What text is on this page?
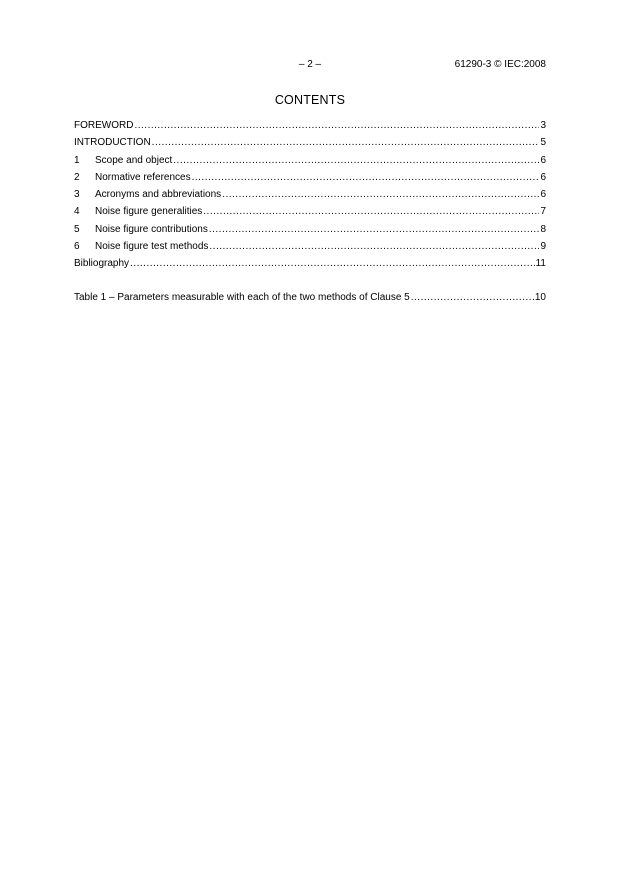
– 2 –	61290-3 © IEC:2008
CONTENTS
FOREWORD .....	3
INTRODUCTION .....	5
1	Scope and object .....	6
2	Normative references .....	6
3	Acronyms and abbreviations .....	6
4	Noise figure generalities .....	7
5	Noise figure contributions .....	8
6	Noise figure test methods .....	9
Bibliography .....	11
Table 1 – Parameters measurable with each of the two methods of Clause 5 .....	10
